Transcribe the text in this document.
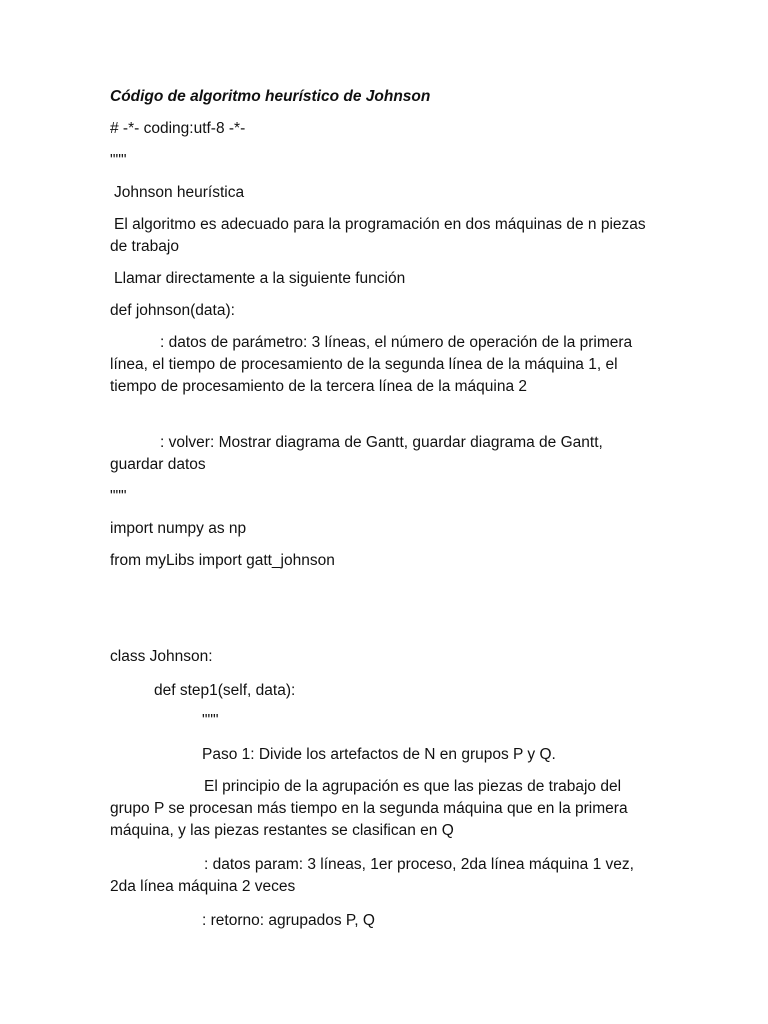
Código de algoritmo heurístico de Johnson
# -*- coding:utf-8 -*-
"""
Johnson heurística
El algoritmo es adecuado para la programación en dos máquinas de n piezas de trabajo
Llamar directamente a la siguiente función
def johnson(data):
: datos de parámetro: 3 líneas, el número de operación de la primera línea, el tiempo de procesamiento de la segunda línea de la máquina 1, el tiempo de procesamiento de la tercera línea de la máquina 2
: volver: Mostrar diagrama de Gantt, guardar diagrama de Gantt, guardar datos
"""
import numpy as np
from myLibs import gatt_johnson
class Johnson:
def step1(self, data):
"""
Paso 1: Divide los artefactos de N en grupos P y Q.
El principio de la agrupación es que las piezas de trabajo del grupo P se procesan más tiempo en la segunda máquina que en la primera máquina, y las piezas restantes se clasifican en Q
: datos param: 3 líneas, 1er proceso, 2da línea máquina 1 vez, 2da línea máquina 2 veces
: retorno: agrupados P, Q
